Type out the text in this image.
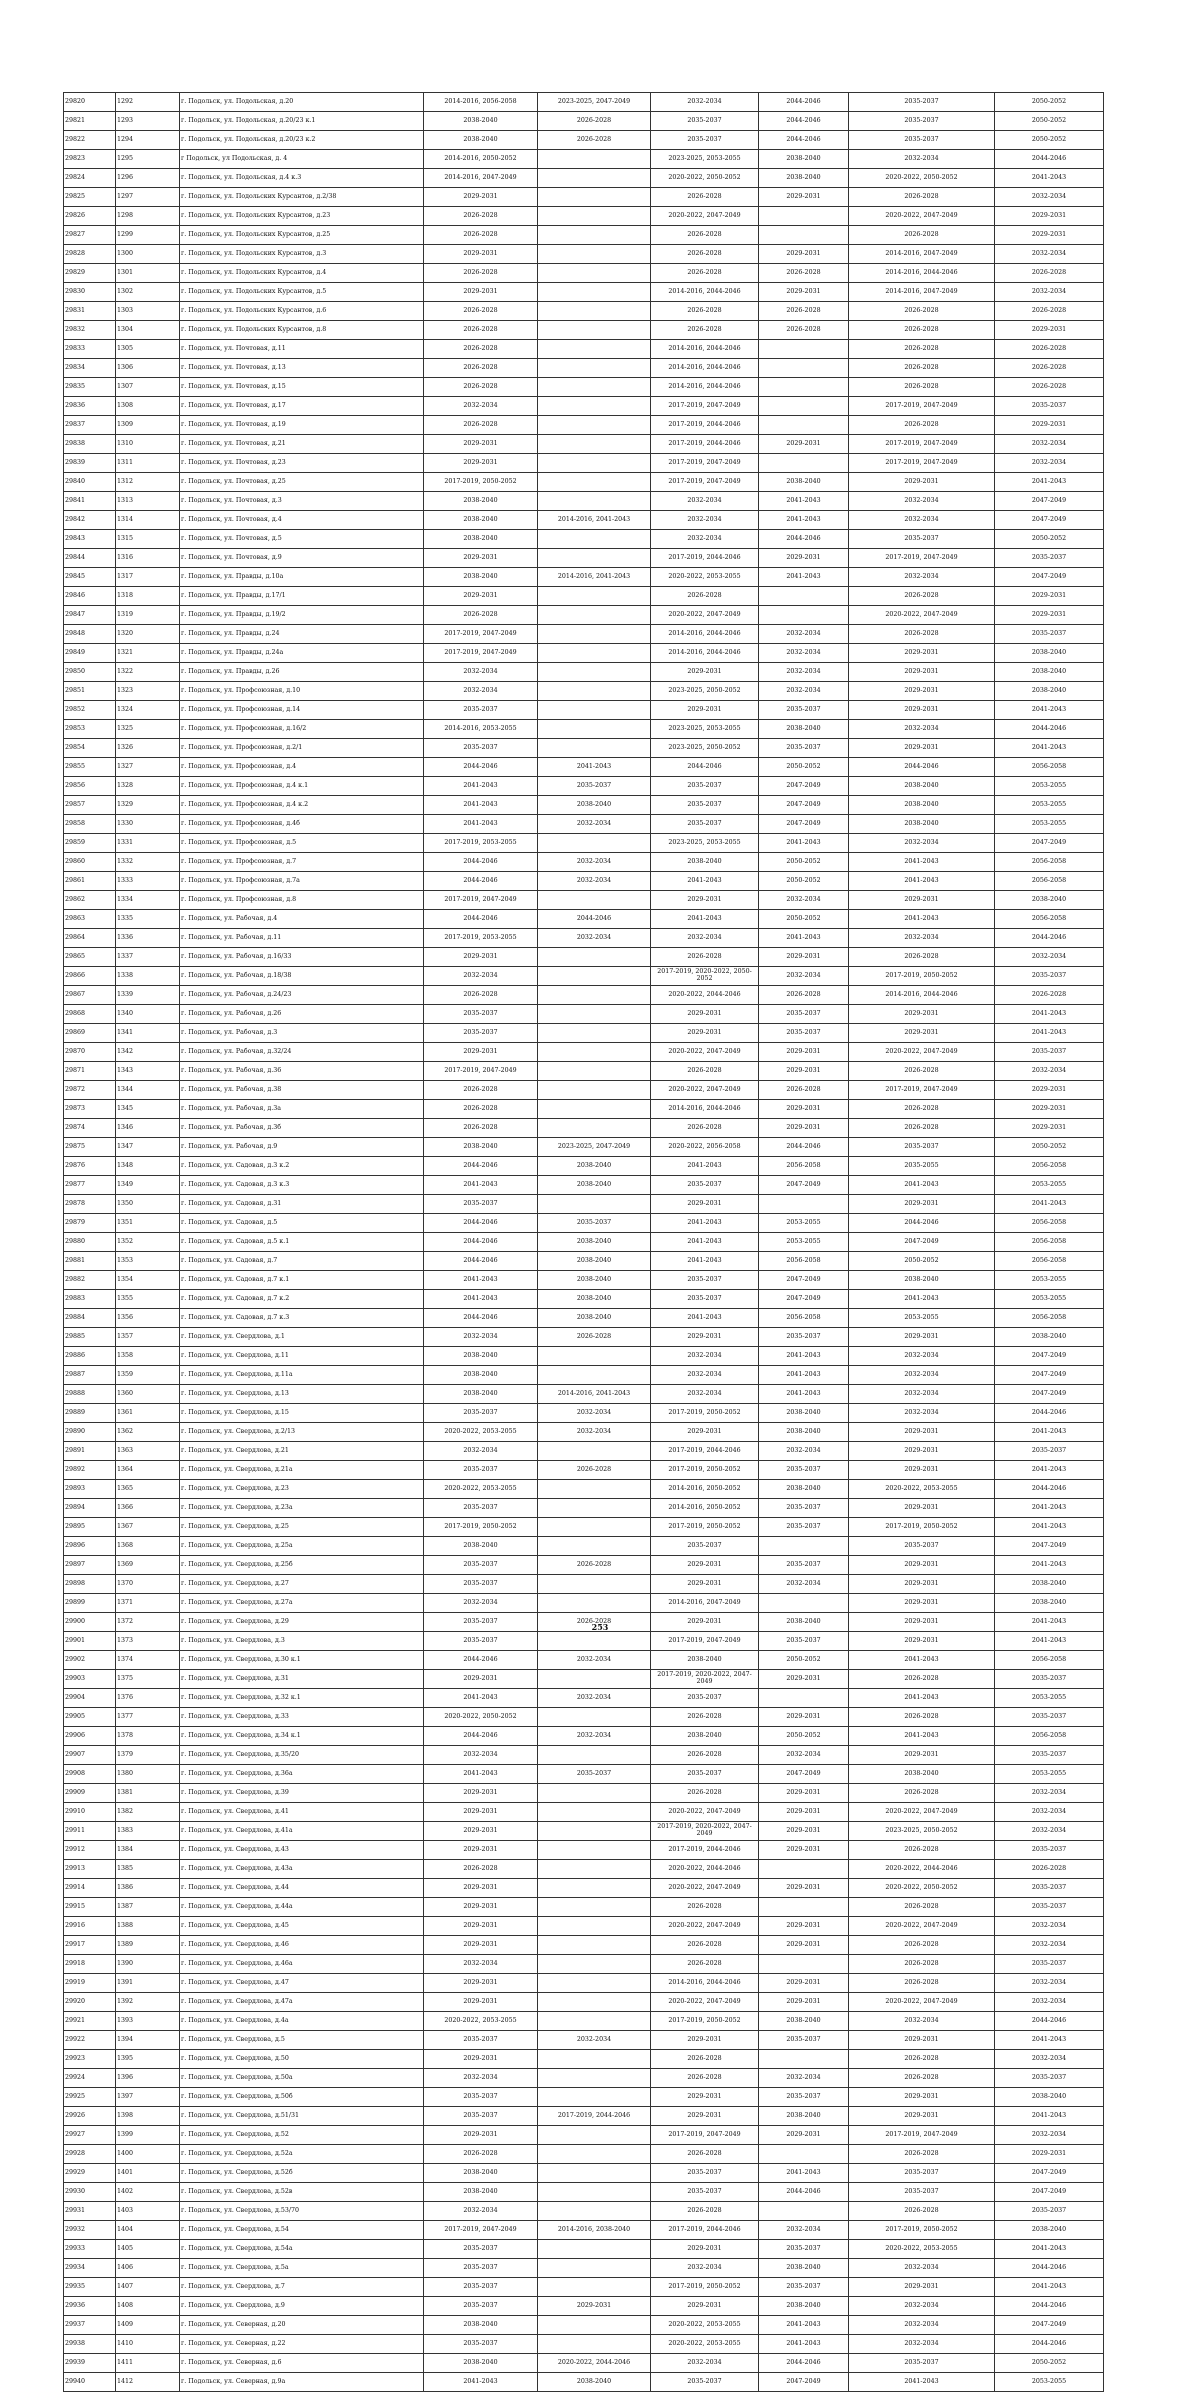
29820	1292	г. Подольск, ул. Подольская, д.20	2014-2016, 2056-2058	2023-2025, 2047-2049	2032-2034	2044-2046	2035-2037	2050-2052
29821	1293	г. Подольск, ул. Подольская, д.20/23 к.1	2038-2040	2026-2028	2035-2037	2044-2046	2035-2037	2050-2052
29822	1294	г. Подольск, ул. Подольская, д.20/23 к.2	2038-2040	2026-2028	2035-2037	2044-2046	2035-2037	2050-2052
29823	1295	г Подольск, ул Подольская, д. 4	2014-2016, 2050-2052		2023-2025, 2053-2055	2038-2040	2032-2034	2044-2046
29824	1296	г. Подольск, ул. Подольская, д.4 к.3	2014-2016, 2047-2049		2020-2022, 2050-2052	2038-2040	2020-2022, 2050-2052	2041-2043
29825	1297	г. Подольск, ул. Подольских Курсантов, д.2/38	2029-2031		2026-2028	2029-2031	2026-2028	2032-2034
29826	1298	г. Подольск, ул. Подольских Курсантов, д.23	2026-2028		2020-2022, 2047-2049		2020-2022, 2047-2049	2029-2031
29827	1299	г. Подольск, ул. Подольских Курсантов, д.25	2026-2028		2026-2028		2026-2028	2029-2031
29828	1300	г. Подольск, ул. Подольских Курсантов, д.3	2029-2031		2026-2028	2029-2031	2014-2016, 2047-2049	2032-2034
29829	1301	г. Подольск, ул. Подольских Курсантов, д.4	2026-2028		2026-2028	2026-2028	2014-2016, 2044-2046	2026-2028
29830	1302	г. Подольск, ул. Подольских Курсантов, д.5	2029-2031		2014-2016, 2044-2046	2029-2031	2014-2016, 2047-2049	2032-2034
29831	1303	г. Подольск, ул. Подольских Курсантов, д.6	2026-2028		2026-2028	2026-2028	2026-2028	2026-2028
29832	1304	г. Подольск, ул. Подольских Курсантов, д.8	2026-2028		2026-2028	2026-2028	2026-2028	2029-2031
29833	1305	г. Подольск, ул. Почтовая, д.11	2026-2028		2014-2016, 2044-2046		2026-2028	2026-2028
29834	1306	г. Подольск, ул. Почтовая, д.13	2026-2028		2014-2016, 2044-2046		2026-2028	2026-2028
29835	1307	г. Подольск, ул. Почтовая, д.15	2026-2028		2014-2016, 2044-2046		2026-2028	2026-2028
29836	1308	г. Подольск, ул. Почтовая, д.17	2032-2034		2017-2019, 2047-2049		2017-2019, 2047-2049	2035-2037
29837	1309	г. Подольск, ул. Почтовая, д.19	2026-2028		2017-2019, 2044-2046		2026-2028	2029-2031
29838	1310	г. Подольск, ул. Почтовая, д.21	2029-2031		2017-2019, 2044-2046	2029-2031	2017-2019, 2047-2049	2032-2034
29839	1311	г. Подольск, ул. Почтовая, д.23	2029-2031		2017-2019, 2047-2049		2017-2019, 2047-2049	2032-2034
29840	1312	г. Подольск, ул. Почтовая, д.25	2017-2019, 2050-2052		2017-2019, 2047-2049	2038-2040	2029-2031	2041-2043
29841	1313	г. Подольск, ул. Почтовая, д.3	2038-2040		2032-2034	2041-2043	2032-2034	2047-2049
29842	1314	г. Подольск, ул. Почтовая, д.4	2038-2040	2014-2016, 2041-2043	2032-2034	2041-2043	2032-2034	2047-2049
29843	1315	г. Подольск, ул. Почтовая, д.5	2038-2040		2032-2034	2044-2046	2035-2037	2050-2052
29844	1316	г. Подольск, ул. Почтовая, д.9	2029-2031		2017-2019, 2044-2046	2029-2031	2017-2019, 2047-2049	2035-2037
29845	1317	г. Подольск, ул. Правды, д.10а	2038-2040	2014-2016, 2041-2043	2020-2022, 2053-2055	2041-2043	2032-2034	2047-2049
29846	1318	г. Подольск, ул. Правды, д.17/1	2029-2031		2026-2028		2026-2028	2029-2031
29847	1319	г. Подольск, ул. Правды, д.19/2	2026-2028		2020-2022, 2047-2049		2020-2022, 2047-2049	2029-2031
29848	1320	г. Подольск, ул. Правды, д.24	2017-2019, 2047-2049		2014-2016, 2044-2046	2032-2034	2026-2028	2035-2037
29849	1321	г. Подольск, ул. Правды, д.24а	2017-2019, 2047-2049		2014-2016, 2044-2046	2032-2034	2029-2031	2038-2040
29850	1322	г. Подольск, ул. Правды, д.26	2032-2034		2029-2031	2032-2034	2029-2031	2038-2040
29851	1323	г. Подольск, ул. Профсоюзная, д.10	2032-2034		2023-2025, 2050-2052	2032-2034	2029-2031	2038-2040
29852	1324	г. Подольск, ул. Профсоюзная, д.14	2035-2037		2029-2031	2035-2037	2029-2031	2041-2043
29853	1325	г. Подольск, ул. Профсоюзная, д.16/2	2014-2016, 2053-2055		2023-2025, 2053-2055	2038-2040	2032-2034	2044-2046
29854	1326	г. Подольск, ул. Профсоюзная, д.2/1	2035-2037		2023-2025, 2050-2052	2035-2037	2029-2031	2041-2043
29855	1327	г. Подольск, ул. Профсоюзная, д.4	2044-2046	2041-2043	2044-2046	2050-2052	2044-2046	2056-2058
29856	1328	г. Подольск, ул. Профсоюзная, д.4 к.1	2041-2043	2035-2037	2035-2037	2047-2049	2038-2040	2053-2055
29857	1329	г. Подольск, ул. Профсоюзная, д.4 к.2	2041-2043	2038-2040	2035-2037	2047-2049	2038-2040	2053-2055
29858	1330	г. Подольск, ул. Профсоюзная, д.4б	2041-2043	2032-2034	2035-2037	2047-2049	2038-2040	2053-2055
29859	1331	г. Подольск, ул. Профсоюзная, д.5	2017-2019, 2053-2055		2023-2025, 2053-2055	2041-2043	2032-2034	2047-2049
29860	1332	г. Подольск, ул. Профсоюзная, д.7	2044-2046	2032-2034	2038-2040	2050-2052	2041-2043	2056-2058
29861	1333	г. Подольск, ул. Профсоюзная, д.7а	2044-2046	2032-2034	2041-2043	2050-2052	2041-2043	2056-2058
29862	1334	г. Подольск, ул. Профсоюзная, д.8	2017-2019, 2047-2049		2029-2031	2032-2034	2029-2031	2038-2040
29863	1335	г. Подольск, ул. Рабочая, д.4	2044-2046	2044-2046	2041-2043	2050-2052	2041-2043	2056-2058
29864	1336	г. Подольск, ул. Рабочая, д.11	2017-2019, 2053-2055	2032-2034	2032-2034	2041-2043	2032-2034	2044-2046
29865	1337	г. Подольск, ул. Рабочая, д.16/33	2029-2031		2026-2028	2029-2031	2026-2028	2032-2034
29866	1338	г. Подольск, ул. Рабочая, д.18/38	2032-2034		2017-2019, 2020-2022, 2050-2052	2032-2034	2017-2019, 2050-2052	2035-2037
29867	1339	г. Подольск, ул. Рабочая, д.24/23	2026-2028		2020-2022, 2044-2046	2026-2028	2014-2016, 2044-2046	2026-2028
29868	1340	г. Подольск, ул. Рабочая, д.26	2035-2037		2029-2031	2035-2037	2029-2031	2041-2043
29869	1341	г. Подольск, ул. Рабочая, д.3	2035-2037		2029-2031	2035-2037	2029-2031	2041-2043
29870	1342	г. Подольск, ул. Рабочая, д.32/24	2029-2031		2020-2022, 2047-2049	2029-2031	2020-2022, 2047-2049	2035-2037
29871	1343	г. Подольск, ул. Рабочая, д.36	2017-2019, 2047-2049		2026-2028	2029-2031	2026-2028	2032-2034
29872	1344	г. Подольск, ул. Рабочая, д.38	2026-2028		2020-2022, 2047-2049	2026-2028	2017-2019, 2047-2049	2029-2031
29873	1345	г. Подольск, ул. Рабочая, д.3а	2026-2028		2014-2016, 2044-2046	2029-2031	2026-2028	2029-2031
29874	1346	г. Подольск, ул. Рабочая, д.3б	2026-2028		2026-2028	2029-2031	2026-2028	2029-2031
29875	1347	г. Подольск, ул. Рабочая, д.9	2038-2040	2023-2025, 2047-2049	2020-2022, 2056-2058	2044-2046	2035-2037	2050-2052
29876	1348	г. Подольск, ул. Садовая, д.3 к.2	2044-2046	2038-2040	2041-2043	2056-2058	2035-2055	2056-2058
29877	1349	г. Подольск, ул. Садовая, д.3 к.3	2041-2043	2038-2040	2035-2037	2047-2049	2041-2043	2053-2055
29878	1350	г. Подольск, ул. Садовая, д.31	2035-2037		2029-2031		2029-2031	2041-2043
29879	1351	г. Подольск, ул. Садовая, д.5	2044-2046	2035-2037	2041-2043	2053-2055	2044-2046	2056-2058
29880	1352	г. Подольск, ул. Садовая, д.5 к.1	2044-2046	2038-2040	2041-2043	2053-2055	2047-2049	2056-2058
29881	1353	г. Подольск, ул. Садовая, д.7	2044-2046	2038-2040	2041-2043	2056-2058	2050-2052	2056-2058
29882	1354	г. Подольск, ул. Садовая, д.7 к.1	2041-2043	2038-2040	2035-2037	2047-2049	2038-2040	2053-2055
29883	1355	г. Подольск, ул. Садовая, д.7 к.2	2041-2043	2038-2040	2035-2037	2047-2049	2041-2043	2053-2055
29884	1356	г. Подольск, ул. Садовая, д.7 к.3	2044-2046	2038-2040	2041-2043	2056-2058	2053-2055	2056-2058
29885	1357	г. Подольск, ул. Свердлова, д.1	2032-2034	2026-2028	2029-2031	2035-2037	2029-2031	2038-2040
29886	1358	г. Подольск, ул. Свердлова, д.11	2038-2040		2032-2034	2041-2043	2032-2034	2047-2049
29887	1359	г. Подольск, ул. Свердлова, д.11а	2038-2040		2032-2034	2041-2043	2032-2034	2047-2049
29888	1360	г. Подольск, ул. Свердлова, д.13	2038-2040	2014-2016, 2041-2043	2032-2034	2041-2043	2032-2034	2047-2049
29889	1361	г. Подольск, ул. Свердлова, д.15	2035-2037	2032-2034	2017-2019, 2050-2052	2038-2040	2032-2034	2044-2046
29890	1362	г. Подольск, ул. Свердлова, д.2/13	2020-2022, 2053-2055	2032-2034	2029-2031	2038-2040	2029-2031	2041-2043
29891	1363	г. Подольск, ул. Свердлова, д.21	2032-2034		2017-2019, 2044-2046	2032-2034	2029-2031	2035-2037
29892	1364	г. Подольск, ул. Свердлова, д.21а	2035-2037	2026-2028	2017-2019, 2050-2052	2035-2037	2029-2031	2041-2043
29893	1365	г. Подольск, ул. Свердлова, д.23	2020-2022, 2053-2055		2014-2016, 2050-2052	2038-2040	2020-2022, 2053-2055	2044-2046
29894	1366	г. Подольск, ул. Свердлова, д.23а	2035-2037		2014-2016, 2050-2052	2035-2037	2029-2031	2041-2043
29895	1367	г. Подольск, ул. Свердлова, д.25	2017-2019, 2050-2052		2017-2019, 2050-2052	2035-2037	2017-2019, 2050-2052	2041-2043
29896	1368	г. Подольск, ул. Свердлова, д.25а	2038-2040		2035-2037		2035-2037	2047-2049
29897	1369	г. Подольск, ул. Свердлова, д.25б	2035-2037	2026-2028	2029-2031	2035-2037	2029-2031	2041-2043
29898	1370	г. Подольск, ул. Свердлова, д.27	2035-2037		2029-2031	2032-2034	2029-2031	2038-2040
29899	1371	г. Подольск, ул. Свердлова, д.27а	2032-2034		2014-2016, 2047-2049		2029-2031	2038-2040
29900	1372	г. Подольск, ул. Свердлова, д.29	2035-2037	2026-2028	2029-2031	2038-2040	2029-2031	2041-2043
29901	1373	г. Подольск, ул. Свердлова, д.3	2035-2037		2017-2019, 2047-2049	2035-2037	2029-2031	2041-2043
29902	1374	г. Подольск, ул. Свердлова, д.30 к.1	2044-2046	2032-2034	2038-2040	2050-2052	2041-2043	2056-2058
29903	1375	г. Подольск, ул. Свердлова, д.31	2029-2031		2017-2019, 2020-2022, 2047-2049	2029-2031	2026-2028	2035-2037
29904	1376	г. Подольск, ул. Свердлова, д.32 к.1	2041-2043	2032-2034	2035-2037		2041-2043	2053-2055
29905	1377	г. Подольск, ул. Свердлова, д.33	2020-2022, 2050-2052		2026-2028	2029-2031	2026-2028	2035-2037
29906	1378	г. Подольск, ул. Свердлова, д.34 к.1	2044-2046	2032-2034	2038-2040	2050-2052	2041-2043	2056-2058
29907	1379	г. Подольск, ул. Свердлова, д.35/20	2032-2034		2026-2028	2032-2034	2029-2031	2035-2037
29908	1380	г. Подольск, ул. Свердлова, д.36а	2041-2043	2035-2037	2035-2037	2047-2049	2038-2040	2053-2055
29909	1381	г. Подольск, ул. Свердлова, д.39	2029-2031		2026-2028	2029-2031	2026-2028	2032-2034
29910	1382	г. Подольск, ул. Свердлова, д.41	2029-2031		2020-2022, 2047-2049	2029-2031	2020-2022, 2047-2049	2032-2034
29911	1383	г. Подольск, ул. Свердлова, д.41а	2029-2031		2017-2019, 2020-2022, 2047-2049	2029-2031	2023-2025, 2050-2052	2032-2034
29912	1384	г. Подольск, ул. Свердлова, д.43	2029-2031		2017-2019, 2044-2046	2029-2031	2026-2028	2035-2037
29913	1385	г. Подольск, ул. Свердлова, д.43а	2026-2028		2020-2022, 2044-2046		2020-2022, 2044-2046	2026-2028
29914	1386	г. Подольск, ул. Свердлова, д.44	2029-2031		2020-2022, 2047-2049	2029-2031	2020-2022, 2050-2052	2035-2037
29915	1387	г. Подольск, ул. Свердлова, д.44а	2029-2031		2026-2028		2026-2028	2035-2037
29916	1388	г. Подольск, ул. Свердлова, д.45	2029-2031		2020-2022, 2047-2049	2029-2031	2020-2022, 2047-2049	2032-2034
29917	1389	г. Подольск, ул. Свердлова, д.46	2029-2031		2026-2028	2029-2031	2026-2028	2032-2034
29918	1390	г. Подольск, ул. Свердлова, д.46а	2032-2034		2026-2028		2026-2028	2035-2037
29919	1391	г. Подольск, ул. Свердлова, д.47	2029-2031		2014-2016, 2044-2046	2029-2031	2026-2028	2032-2034
29920	1392	г. Подольск, ул. Свердлова, д.47а	2029-2031		2020-2022, 2047-2049	2029-2031	2020-2022, 2047-2049	2032-2034
29921	1393	г. Подольск, ул. Свердлова, д.4а	2020-2022, 2053-2055		2017-2019, 2050-2052	2038-2040	2032-2034	2044-2046
29922	1394	г. Подольск, ул. Свердлова, д.5	2035-2037	2032-2034	2029-2031	2035-2037	2029-2031	2041-2043
29923	1395	г. Подольск, ул. Свердлова, д.50	2029-2031		2026-2028		2026-2028	2032-2034
29924	1396	г. Подольск, ул. Свердлова, д.50а	2032-2034		2026-2028	2032-2034	2026-2028	2035-2037
29925	1397	г. Подольск, ул. Свердлова, д.50б	2035-2037		2029-2031	2035-2037	2029-2031	2038-2040
29926	1398	г. Подольск, ул. Свердлова, д.51/31	2035-2037	2017-2019, 2044-2046	2029-2031	2038-2040	2029-2031	2041-2043
29927	1399	г. Подольск, ул. Свердлова, д.52	2029-2031		2017-2019, 2047-2049	2029-2031	2017-2019, 2047-2049	2032-2034
29928	1400	г. Подольск, ул. Свердлова, д.52а	2026-2028		2026-2028		2026-2028	2029-2031
29929	1401	г. Подольск, ул. Свердлова, д.52б	2038-2040		2035-2037	2041-2043	2035-2037	2047-2049
29930	1402	г. Подольск, ул. Свердлова, д.52в	2038-2040		2035-2037	2044-2046	2035-2037	2047-2049
29931	1403	г. Подольск, ул. Свердлова, д.53/70	2032-2034		2026-2028		2026-2028	2035-2037
29932	1404	г. Подольск, ул. Свердлова, д.54	2017-2019, 2047-2049	2014-2016, 2038-2040	2017-2019, 2044-2046	2032-2034	2017-2019, 2050-2052	2038-2040
29933	1405	г. Подольск, ул. Свердлова, д.54а	2035-2037		2029-2031	2035-2037	2020-2022, 2053-2055	2041-2043
29934	1406	г. Подольск, ул. Свердлова, д.5а	2035-2037		2032-2034	2038-2040	2032-2034	2044-2046
29935	1407	г. Подольск, ул. Свердлова, д.7	2035-2037		2017-2019, 2050-2052	2035-2037	2029-2031	2041-2043
29936	1408	г. Подольск, ул. Свердлова, д.9	2035-2037	2029-2031	2029-2031	2038-2040	2032-2034	2044-2046
29937	1409	г. Подольск, ул. Северная, д.20	2038-2040		2020-2022, 2053-2055	2041-2043	2032-2034	2047-2049
29938	1410	г. Подольск, ул. Северная, д.22	2035-2037		2020-2022, 2053-2055	2041-2043	2032-2034	2044-2046
29939	1411	г. Подольск, ул. Северная, д.6	2038-2040	2020-2022, 2044-2046	2032-2034	2044-2046	2035-2037	2050-2052
29940	1412	г. Подольск, ул. Северная, д.9а	2041-2043	2038-2040	2035-2037	2047-2049	2041-2043	2053-2055
253
